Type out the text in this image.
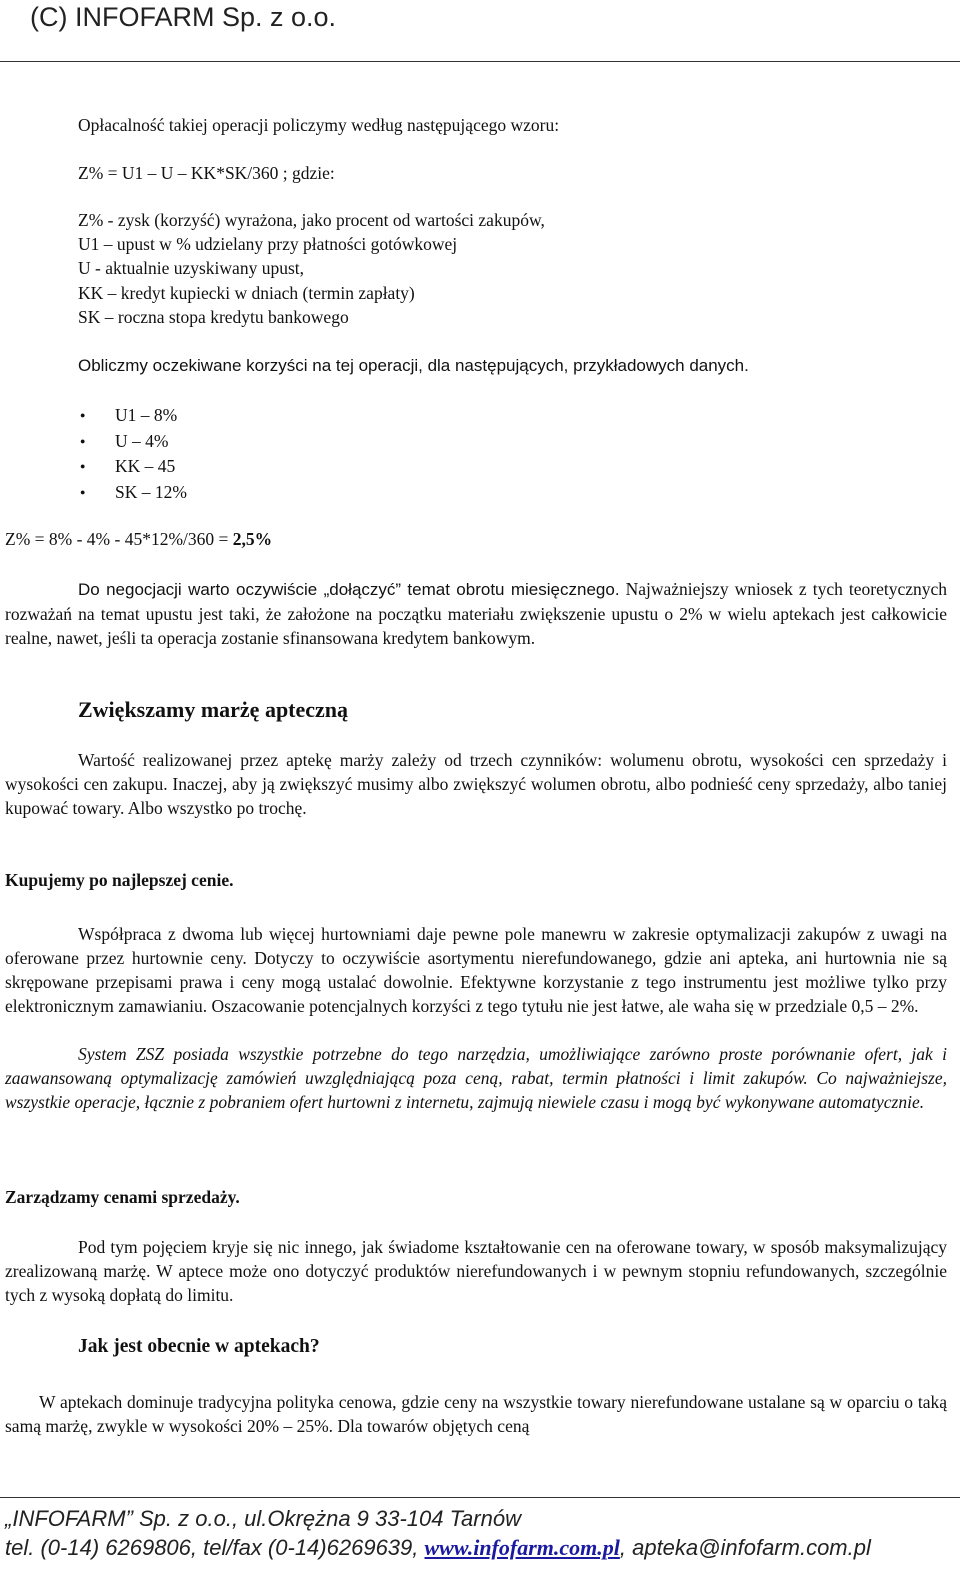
(C) INFOFARM Sp. z o.o.
Opłacalność takiej operacji policzymy według następującego wzoru:
Z% = U1 – U – KK*SK/360 ; gdzie:
Z% - zysk (korzyść) wyrażona, jako procent od wartości zakupów,
U1 – upust w % udzielany przy płatności gotówkowej
U - aktualnie uzyskiwany upust,
KK – kredyt kupiecki w dniach (termin zapłaty)
SK – roczna stopa kredytu bankowego
Obliczmy oczekiwane korzyści na tej operacji, dla następujących, przykładowych danych.
● U1 – 8%
● U – 4%
● KK – 45
● SK – 12%
Z% = 8% - 4% - 45*12%/360 = 2,5%
Do negocjacji warto oczywiście „dołączyć” temat obrotu miesięcznego. Najważniejszy wniosek z tych teoretycznych rozważań na temat upustu jest taki, że założone na początku materiału zwiększenie upustu o 2% w wielu aptekach jest całkowicie realne, nawet, jeśli ta operacja zostanie sfinansowana kredytem bankowym.
Zwiększamy marżę apteczną
Wartość realizowanej przez aptekę marży zależy od trzech czynników: wolumenu obrotu, wysokości cen sprzedaży i wysokości cen zakupu. Inaczej, aby ją zwiększyć musimy albo zwiększyć wolumen obrotu, albo podnieść ceny sprzedaży, albo taniej kupować towary. Albo wszystko po trochę.
Kupujemy po najlepszej cenie.
Współpraca z dwoma lub więcej hurtowniami daje pewne pole manewru w zakresie optymalizacji zakupów z uwagi na oferowane przez hurtownie ceny. Dotyczy to oczywiście asortymentu nierefundowanego, gdzie ani apteka, ani hurtownia nie są skrępowane przepisami prawa i ceny mogą ustalać dowolnie. Efektywne korzystanie z tego instrumentu jest możliwe tylko przy elektronicznym zamawianiu. Oszacowanie potencjalnych korzyści z tego tytułu nie jest łatwe, ale waha się w przedziale 0,5 – 2%.
System ZSZ posiada wszystkie potrzebne do tego narzędzia, umożliwiające zarówno proste porównanie ofert, jak i zaawansowaną optymalizację zamówień uwzględniającą poza ceną, rabat, termin płatności i limit zakupów. Co najważniejsze, wszystkie operacje, łącznie z pobraniem ofert hurtowni z internetu, zajmują niewiele czasu i mogą być wykonywane automatycznie.
Zarządzamy cenami sprzedaży.
Pod tym pojęciem kryje się nic innego, jak świadome kształtowanie cen na oferowane towary, w sposób maksymalizujący zrealizowaną marżę. W aptece może ono dotyczyć produktów nierefundowanych i w pewnym stopniu refundowanych, szczególnie tych z wysoką dopłatą do limitu.
Jak jest obecnie w aptekach?
W aptekach dominuje tradycyjna polityka cenowa, gdzie ceny na wszystkie towary nierefundowane ustalane są w oparciu o taką samą marżę, zwykle w wysokości 20% – 25%. Dla towarów objętych ceną
„INFOFARM” Sp. z o.o., ul.Okrężna 9 33-104 Tarnów
tel. (0-14) 6269806, tel/fax (0-14)6269639, www.infofarm.com.pl, apteka@infofarm.com.pl
